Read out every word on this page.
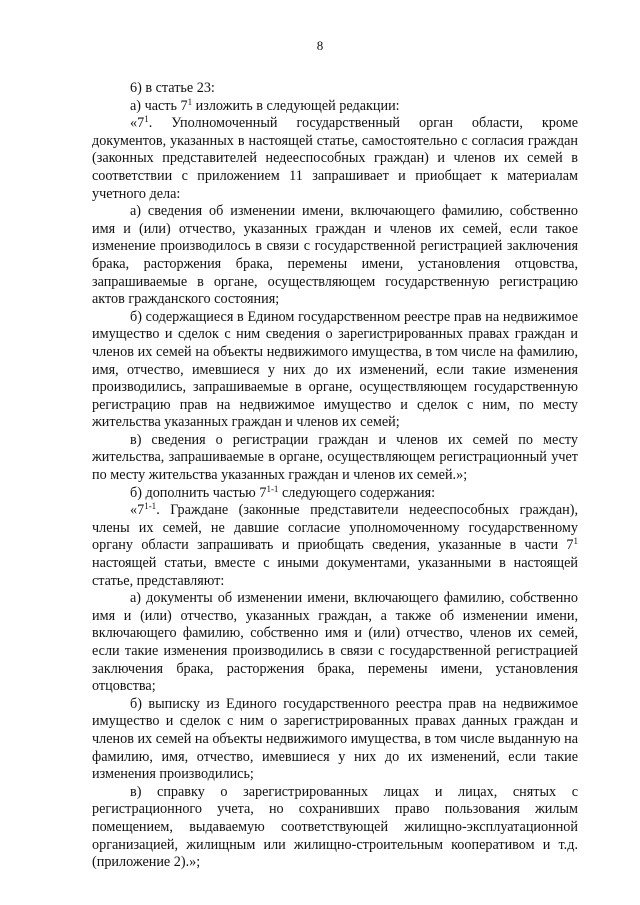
8

6) в статье 23:

а) часть $7^1$ изложить в следующей редакции:

«$7^1$. Уполномоченный государственный орган области, кроме документов, указанных в настоящей статье, самостоятельно с согласия граждан (законных представителей недееспособных граждан) и членов их семей в соответствии с приложением 11 запрашивает и приобщает к материалам учетного дела:

а) сведения об изменении имени, включающего фамилию, собственно имя и (или) отчество, указанных граждан и членов их семей, если такое изменение производилось в связи с государственной регистрацией заключения брака, расторжения брака, перемены имени, установления отцовства, запрашиваемые в органе, осуществляющем государственную регистрацию актов гражданского состояния;

б) содержащиеся в Едином государственном реестре прав на недвижимое имущество и сделок с ним сведения о зарегистрированных правах граждан и членов их семей на объекты недвижимого имущества, в том числе на фамилию, имя, отчество, имевшиеся у них до их изменений, если такие изменения производились, запрашиваемые в органе, осуществляющем государственную регистрацию прав на недвижимое имущество и сделок с ним, по месту жительства указанных граждан и членов их семей;

в) сведения о регистрации граждан и членов их семей по месту жительства, запрашиваемые в органе, осуществляющем регистрационный учет по месту жительства указанных граждан и членов их семей.»;

б) дополнить частью 7$^{1-1}$ следующего содержания:

«7$^{1-1}$. Граждане (законные представители недееспособных граждан), члены их семей, не давшие согласие уполномоченному государственному органу области запрашивать и приобщать сведения, указанные в части $7^1$ настоящей статьи, вместе с иными документами, указанными в настоящей статье, представляют:

а) документы об изменении имени, включающего фамилию, собственно имя и (или) отчество, указанных граждан, а также об изменении имени, включающего фамилию, собственно имя и (или) отчество, членов их семей, если такие изменения производились в связи с государственной регистрацией заключения брака, расторжения брака, перемены имени, установления отцовства;

б) выписку из Единого государственного реестра прав на недвижимое имущество и сделок с ним о зарегистрированных правах данных граждан и членов их семей на объекты недвижимого имущества, в том числе выданную на фамилию, имя, отчество, имевшиеся у них до их изменений, если такие изменения производились;

в) справку о зарегистрированных лицах и лицах, снятых с регистрационного учета, но сохранивших право пользования жилым помещением, выдаваемую соответствующей жилищно-эксплуатационной организацией, жилищным или жилищно-строительным кооперативом и т.д. (приложение 2).»;
